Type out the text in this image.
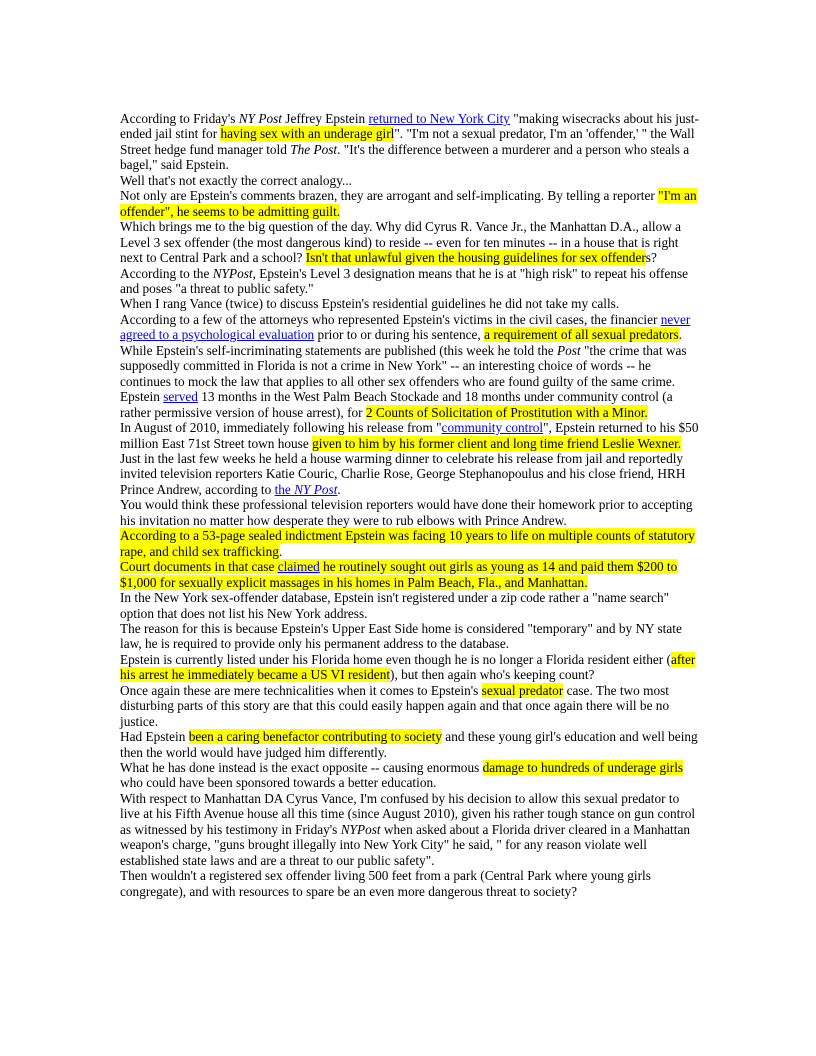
According to Friday's NY Post Jeffrey Epstein returned to New York City "making wisecracks about his just-ended jail stint for having sex with an underage girl". "I'm not a sexual predator, I'm an 'offender,' " the Wall Street hedge fund manager told The Post. "It's the difference between a murderer and a person who steals a bagel," said Epstein.
Well that's not exactly the correct analogy...
Not only are Epstein's comments brazen, they are arrogant and self-implicating. By telling a reporter "I'm an offender", he seems to be admitting guilt.
Which brings me to the big question of the day. Why did Cyrus R. Vance Jr., the Manhattan D.A., allow a Level 3 sex offender (the most dangerous kind) to reside -- even for ten minutes -- in a house that is right next to Central Park and a school? Isn't that unlawful given the housing guidelines for sex offenders?
According to the NYPost, Epstein's Level 3 designation means that he is at "high risk" to repeat his offense and poses "a threat to public safety."
When I rang Vance (twice) to discuss Epstein's residential guidelines he did not take my calls.
According to a few of the attorneys who represented Epstein's victims in the civil cases, the financier never agreed to a psychological evaluation prior to or during his sentence, a requirement of all sexual predators.
While Epstein's self-incriminating statements are published (this week he told the Post "the crime that was supposedly committed in Florida is not a crime in New York" -- an interesting choice of words -- he continues to mock the law that applies to all other sex offenders who are found guilty of the same crime.
Epstein served 13 months in the West Palm Beach Stockade and 18 months under community control (a rather permissive version of house arrest), for 2 Counts of Solicitation of Prostitution with a Minor.
In August of 2010, immediately following his release from "community control", Epstein returned to his $50 million East 71st Street town house given to him by his former client and long time friend Leslie Wexner.
Just in the last few weeks he held a house warming dinner to celebrate his release from jail and reportedly invited television reporters Katie Couric, Charlie Rose, George Stephanopoulus and his close friend, HRH Prince Andrew, according to the NY Post.
You would think these professional television reporters would have done their homework prior to accepting his invitation no matter how desperate they were to rub elbows with Prince Andrew.
According to a 53-page sealed indictment Epstein was facing 10 years to life on multiple counts of statutory rape, and child sex trafficking.
Court documents in that case claimed he routinely sought out girls as young as 14 and paid them $200 to $1,000 for sexually explicit massages in his homes in Palm Beach, Fla., and Manhattan.
In the New York sex-offender database, Epstein isn't registered under a zip code rather a "name search" option that does not list his New York address.
The reason for this is because Epstein's Upper East Side home is considered "temporary" and by NY state law, he is required to provide only his permanent address to the database.
Epstein is currently listed under his Florida home even though he is no longer a Florida resident either (after his arrest he immediately became a US VI resident), but then again who's keeping count?
Once again these are mere technicalities when it comes to Epstein's sexual predator case. The two most disturbing parts of this story are that this could easily happen again and that once again there will be no justice.
Had Epstein been a caring benefactor contributing to society and these young girl's education and well being then the world would have judged him differently.
What he has done instead is the exact opposite -- causing enormous damage to hundreds of underage girls who could have been sponsored towards a better education.
With respect to Manhattan DA Cyrus Vance, I'm confused by his decision to allow this sexual predator to live at his Fifth Avenue house all this time (since August 2010), given his rather tough stance on gun control as witnessed by his testimony in Friday's NYPost when asked about a Florida driver cleared in a Manhattan weapon's charge, "guns brought illegally into New York City" he said, " for any reason violate well established state laws and are a threat to our public safety".
Then wouldn't a registered sex offender living 500 feet from a park (Central Park where young girls congregate), and with resources to spare be an even more dangerous threat to society?
